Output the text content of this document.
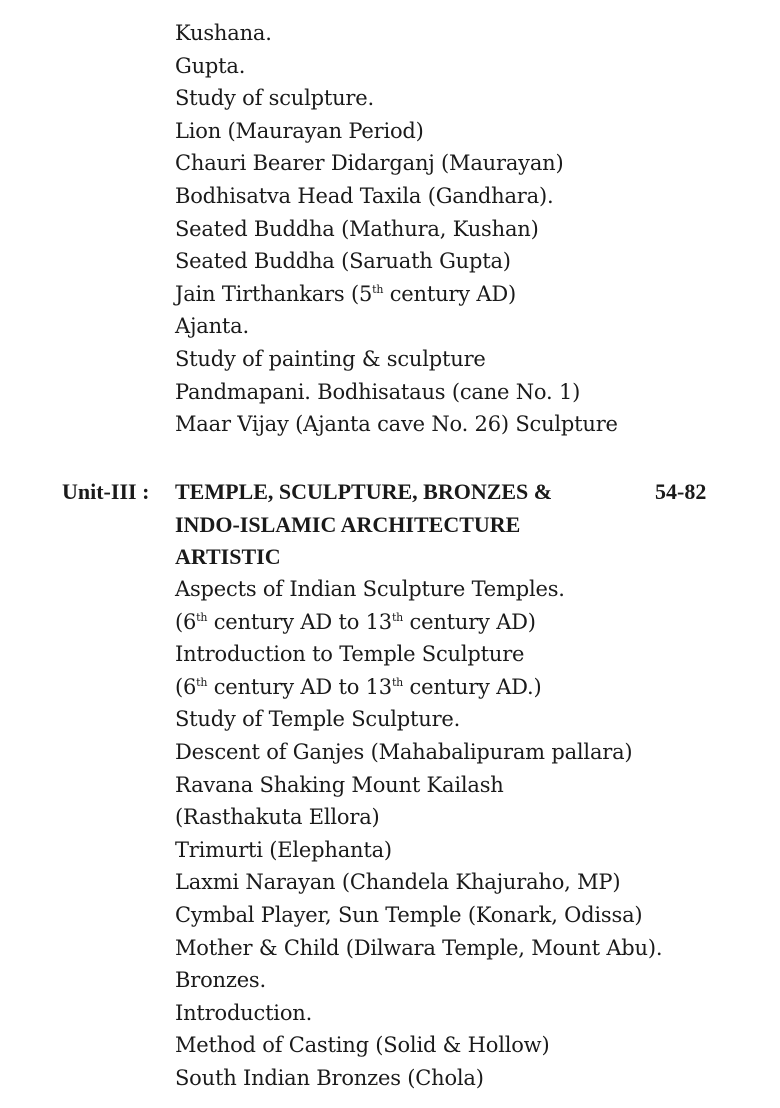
Kushana.
Gupta.
Study of sculpture.
Lion (Maurayan Period)
Chauri Bearer Didarganj (Maurayan)
Bodhisatva Head Taxila (Gandhara).
Seated Buddha (Mathura, Kushan)
Seated Buddha (Saruath Gupta)
Jain Tirthankars (5th century AD)
Ajanta.
Study of painting & sculpture
Pandmapani. Bodhisataus (cane No. 1)
Maar Vijay (Ajanta cave No. 26) Sculpture
Unit-III : TEMPLE, SCULPTURE, BRONZES &
INDO-ISLAMIC ARCHITECTURE
ARTISTIC
54-82
Aspects of Indian Sculpture Temples.
(6th century AD to 13th century AD)
Introduction to Temple Sculpture
(6th century AD to 13th century AD.)
Study of Temple Sculpture.
Descent of Ganjes (Mahabalipuram pallara)
Ravana Shaking Mount Kailash
(Rasthakuta Ellora)
Trimurti (Elephanta)
Laxmi Narayan (Chandela Khajuraho, MP)
Cymbal Player, Sun Temple (Konark, Odissa)
Mother & Child (Dilwara Temple, Mount Abu).
Bronzes.
Introduction.
Method of Casting (Solid & Hollow)
South Indian Bronzes (Chola)
